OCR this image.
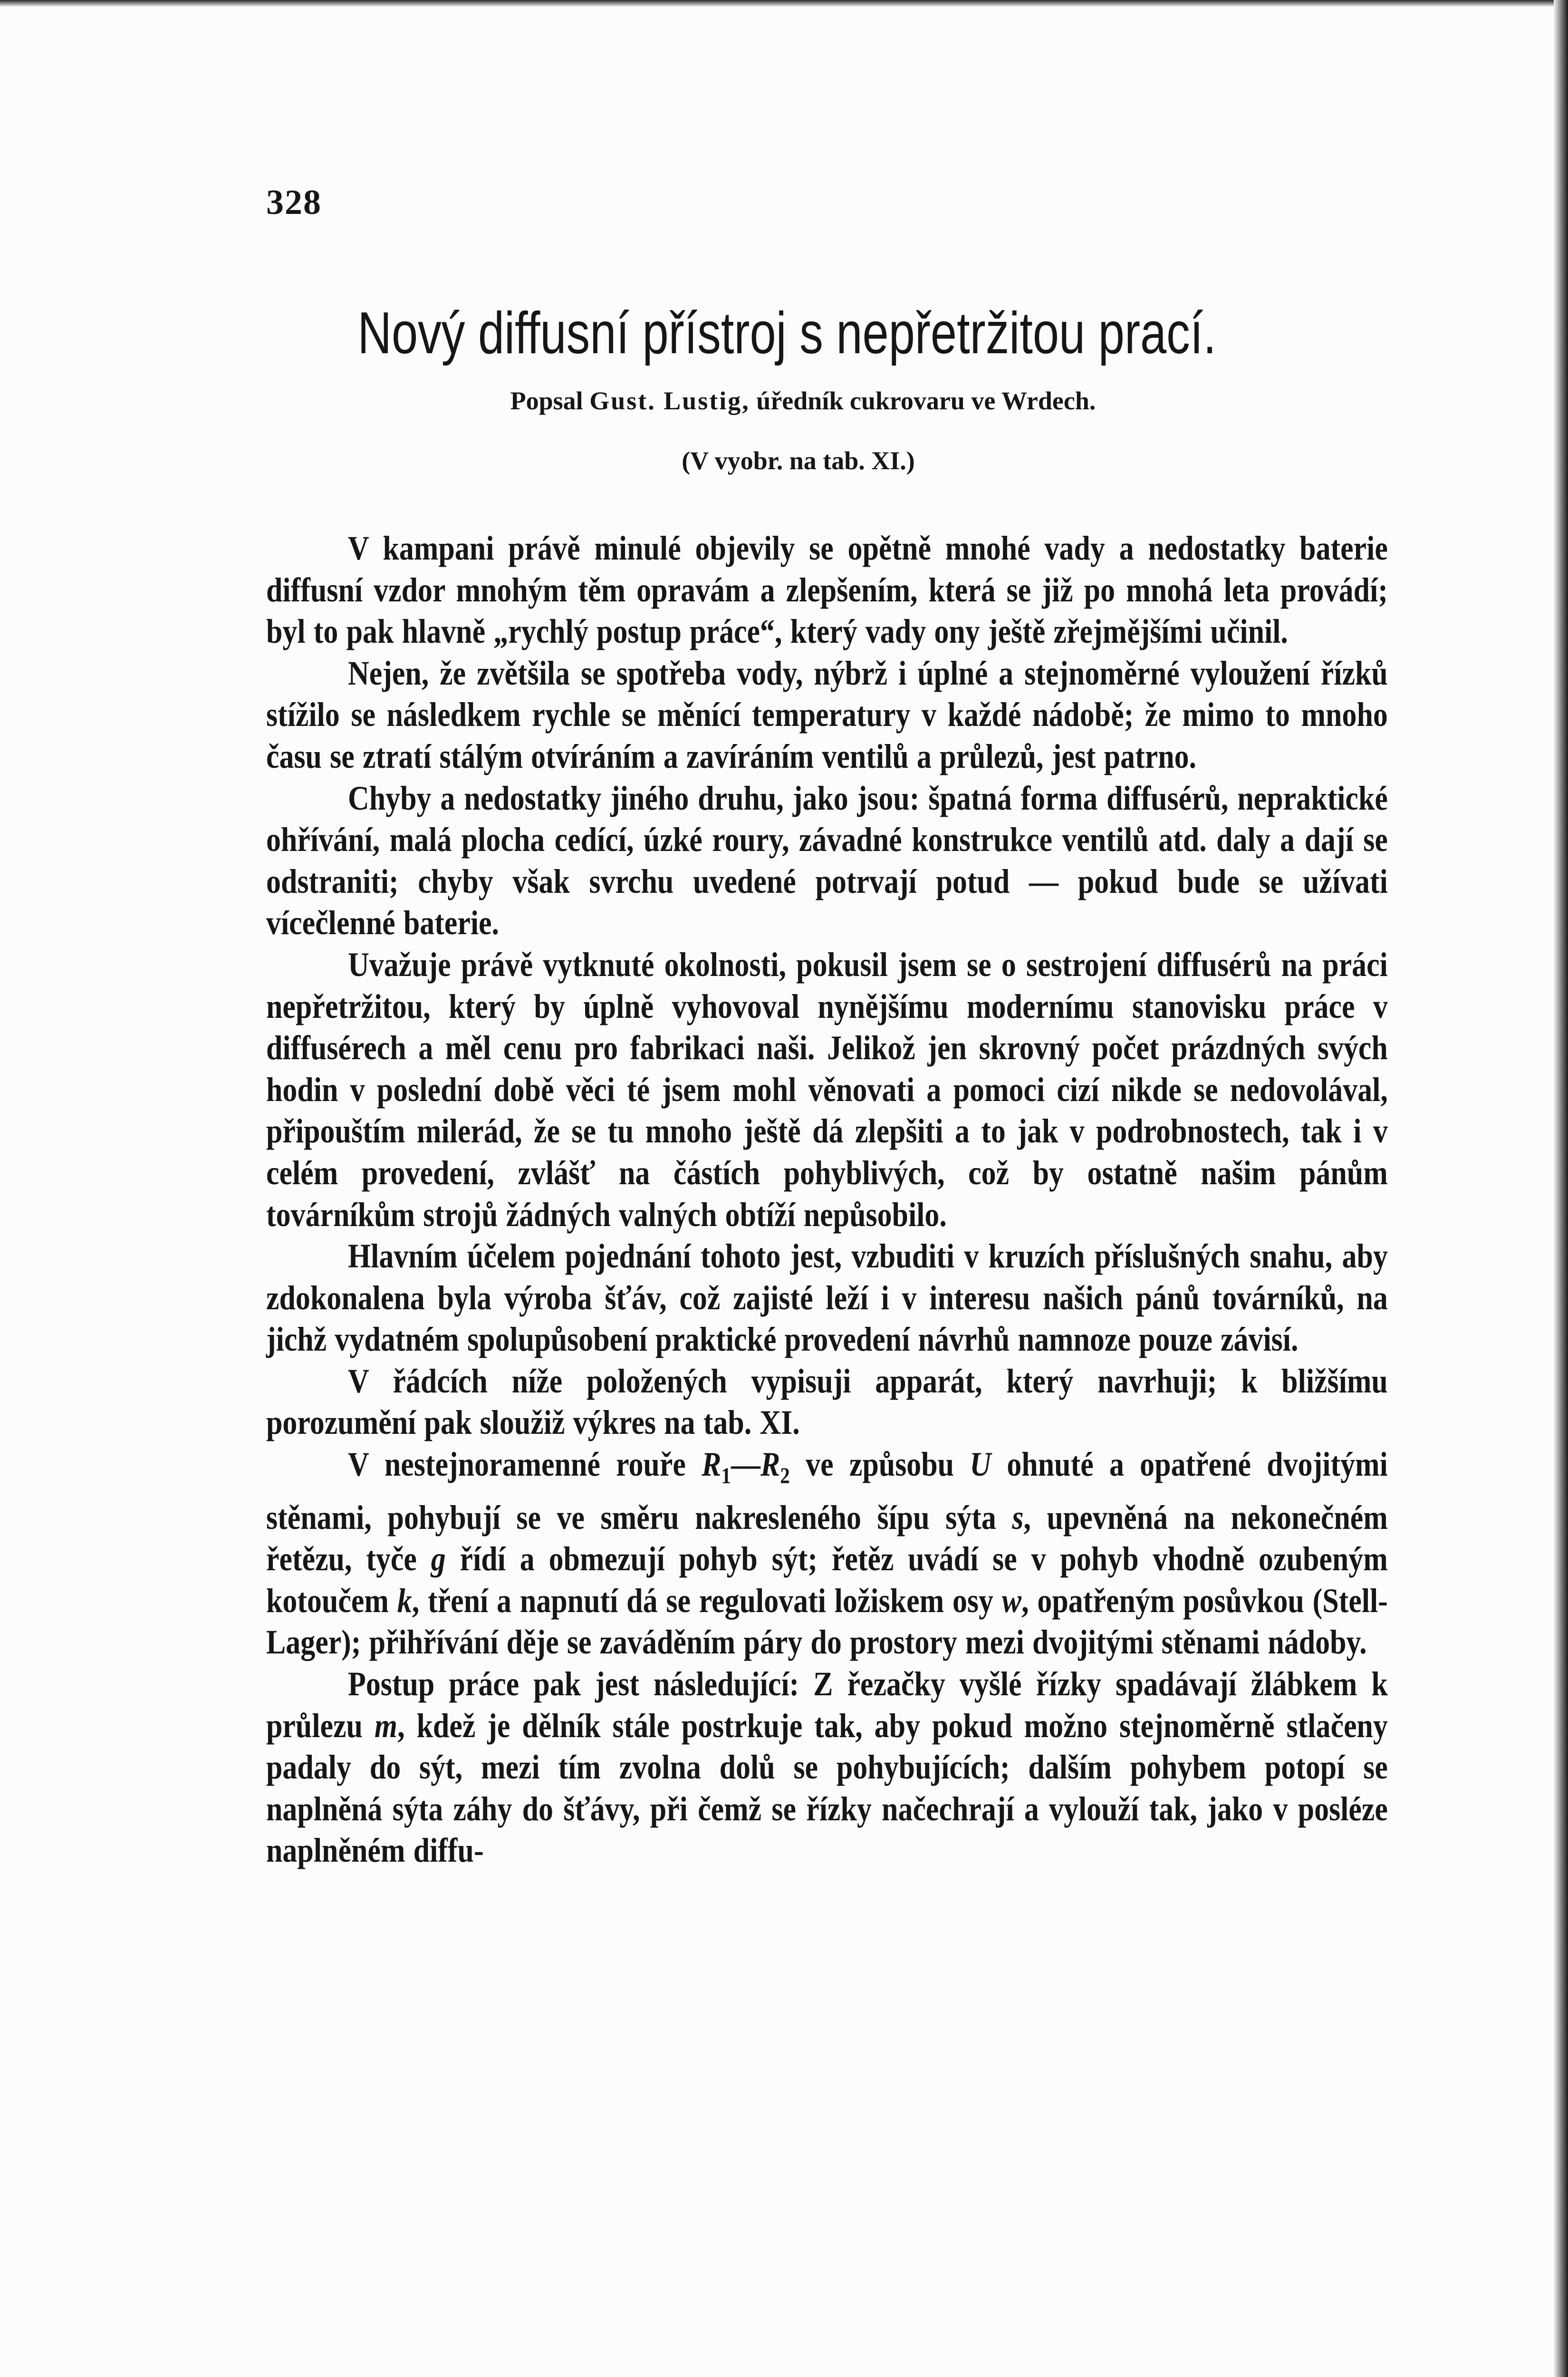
328
Nový diffusní přístroj s nepřetržitou prací.
Popsal Gust. Lustig, úředník cukrovaru ve Wrdech.
(V vyobr. na tab. XI.)

V kampani právě minulé objevily se opětně mnohé vady a nedostatky baterie diffusní vzdor mnohým těm opravám a zlepšením, která se již po mnohá leta provádí; byl to pak hlavně „rychlý postup práce“, který vady ony ještě zřejmějšími učinil.

Nejen, že zvětšila se spotřeba vody, nýbrž i úplné a stejnoměrné vyloužení řízků stížilo se následkem rychle se měnící temperatury v každé nádobě; že mimo to mnoho času se ztratí stálým otvíráním a zavíráním ventilů a průlezů, jest patrno.

Chyby a nedostatky jiného druhu, jako jsou: špatná forma diffusérů, nepraktické ohřívání, malá plocha cedící, úzké roury, závadné konstrukce ventilů atd. daly a dají se odstraniti; chyby však svrchu uvedené potrvají potud — pokud bude se užívati vícečlenné baterie.

Uvažuje právě vytknuté okolnosti, pokusil jsem se o sestrojení diffusérů na práci nepřetržitou, který by úplně vyhovoval nynějšímu modernímu stanovisku práce v diffusérech a měl cenu pro fabrikaci naši. Jelikož jen skrovný počet prázdných svých hodin v poslední době věci té jsem mohl věnovati a pomoci cizí nikde se nedovolával, připouštím milerád, že se tu mnoho ještě dá zlepšiti a to jak v podrobnostech, tak i v celém provedení, zvlášť na částích pohyblivých, což by ostatně našim pánům továrníkům strojů žádných valných obtíží nepůsobilo.

Hlavním účelem pojednání tohoto jest, vzbuditi v kruzích příslušných snahu, aby zdokonalena byla výroba šťáv, což zajisté leží i v interesu našich pánů továrníků, na jichž vydatném spolupůsobení praktické provedení návrhů namnoze pouze závisí.

V řádcích níže položených vypisuji apparát, který navrhuji; k bližšímu porozumění pak sloužiž výkres na tab. XI.

V nestejnoramenné rouře $R_1—R_2$ ve způsobu U ohnuté a opatřené dvojitými stěnami, pohybují se ve směru nakresleného šípu sýta s, upevněná na nekonečném řetězu, tyče g řídí a obmezují pohyb sýt; řetěz uvádí se v pohyb vhodně ozubeným kotoučem k, tření a napnutí dá se regulovati ložiskem osy w, opatřeným posůvkou (Stell-Lager); přihřívání děje se zaváděním páry do prostory mezi dvojitými stěnami nádoby.

Postup práce pak jest následující: Z řezačky vyšlé řízky spadávají žlábkem k průlezu m, kdež je dělník stále postrkuje tak, aby pokud možno stejnoměrně stlačeny padaly do sýt, mezi tím zvolna dolů se pohybujících; dalším pohybem potopí se naplněná sýta záhy do šťávy, při čemž se řízky načechrají a vylouží tak, jako v posléze naplněném diffu-
